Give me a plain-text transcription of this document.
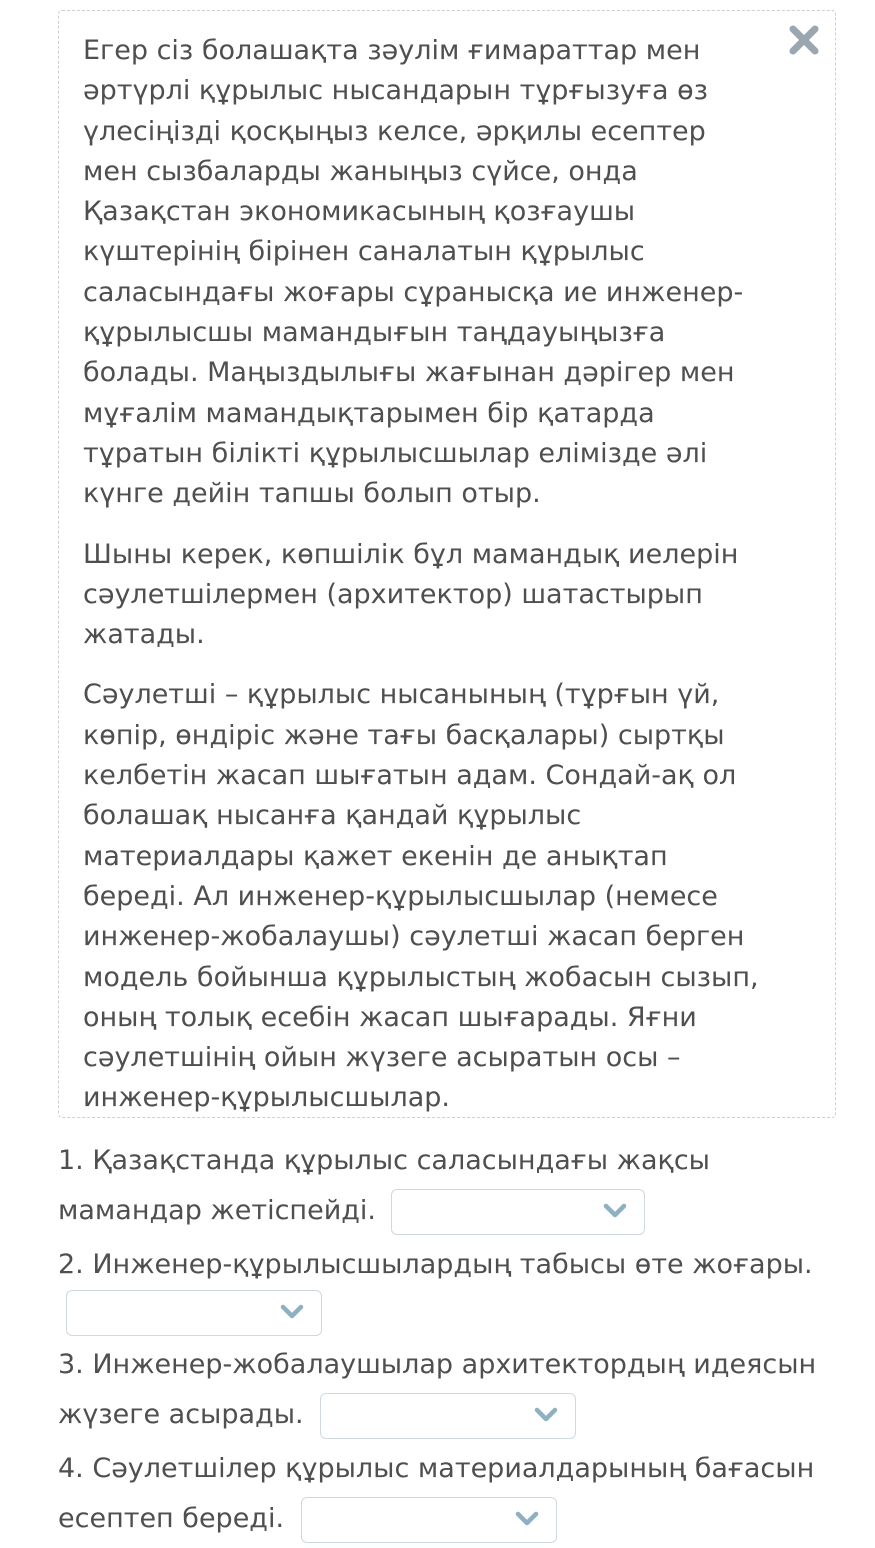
Егер сіз болашақта зәулім ғимараттар мен әртүрлі құрылыс нысандарын тұрғызуға өз үлесіңізді қосқыңыз келсе, әрқилы есептер мен сызбаларды жаныңыз сүйсе, онда Қазақстан экономикасының қозғаушы күштерінің бірінен саналатын құрылыс саласындағы жоғары сұранысқа ие инженер-құрылысшы мамандығын таңдауыңызға болады. Маңыздылығы жағынан дәрігер мен мұғалім мамандықтарымен бір қатарда тұратын білікті құрылысшылар елімізде әлі күнге дейін тапшы болып отыр.

Шыны керек, көпшілік бұл мамандық иелерін сәулетшілермен (архитектор) шатастырып жатады.

Сәулетші – құрылыс нысанының (тұрғын үй, көпір, өндіріс және тағы басқалары) сыртқы келбетін жасап шығатын адам. Сондай-ақ ол болашақ нысанға қандай құрылыс материалдары қажет екенін де анықтап береді. Ал инженер-құрылысшылар (немесе инженер-жобалаушы) сәулетші жасап берген модель бойынша құрылыстың жобасын сызып, оның толық есебін жасап шығарады. Яғни сәулетшінің ойын жүзеге асыратын осы – инженер-құрылысшылар.

1. Қазақстанда құрылыс саласындағы жақсы мамандар жетіспейді.
2. Инженер-құрылысшылардың табысы өте жоғары.
3. Инженер-жобалаушылар архитектордың идеясын жүзеге асырады.
4. Сәулетшілер құрылыс материалдарының бағасын есептеп береді.
